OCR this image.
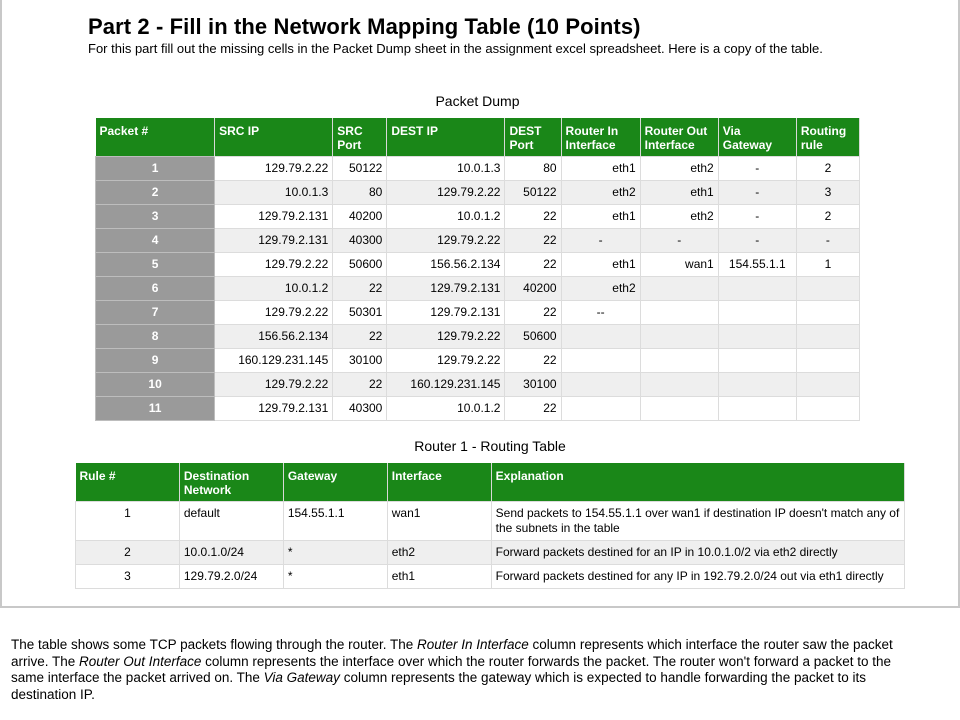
Part 2 - Fill in the Network Mapping Table (10 Points)
For this part fill out the missing cells in the Packet Dump sheet in the assignment excel spreadsheet. Here is a copy of the table.
Packet Dump
Packet #	SRC IP	SRC Port	DEST IP	DEST Port	Router In Interface	Router Out Interface	Via Gateway	Routing rule
1	129.79.2.22	50122	10.0.1.3	80	eth1	eth2	-	2
2	10.0.1.3	80	129.79.2.22	50122	eth2	eth1	-	3
3	129.79.2.131	40200	10.0.1.2	22	eth1	eth2	-	2
4	129.79.2.131	40300	129.79.2.22	22	-	-	-	-
5	129.79.2.22	50600	156.56.2.134	22	eth1	wan1	154.55.1.1	1
6	10.0.1.2	22	129.79.2.131	40200	eth2			
7	129.79.2.22	50301	129.79.2.131	22	--			
8	156.56.2.134	22	129.79.2.22	50600				
9	160.129.231.145	30100	129.79.2.22	22				
10	129.79.2.22	22	160.129.231.145	30100				
11	129.79.2.131	40300	10.0.1.2	22				
Router 1 - Routing Table
Rule #	Destination Network	Gateway	Interface	Explanation
1	default	154.55.1.1	wan1	Send packets to 154.55.1.1 over wan1 if destination IP doesn't match any of the subnets in the table
2	10.0.1.0/24	*	eth2	Forward packets destined for an IP in 10.0.1.0/2 via eth2 directly
3	129.79.2.0/24	*	eth1	Forward packets destined for any IP in 192.79.2.0/24 out via eth1 directly
The table shows some TCP packets flowing through the router. The Router In Interface column represents which interface the router saw the packet arrive. The Router Out Interface column represents the interface over which the router forwards the packet. The router won't forward a packet to the same interface the packet arrived on. The Via Gateway column represents the gateway which is expected to handle forwarding the packet to its destination IP.
